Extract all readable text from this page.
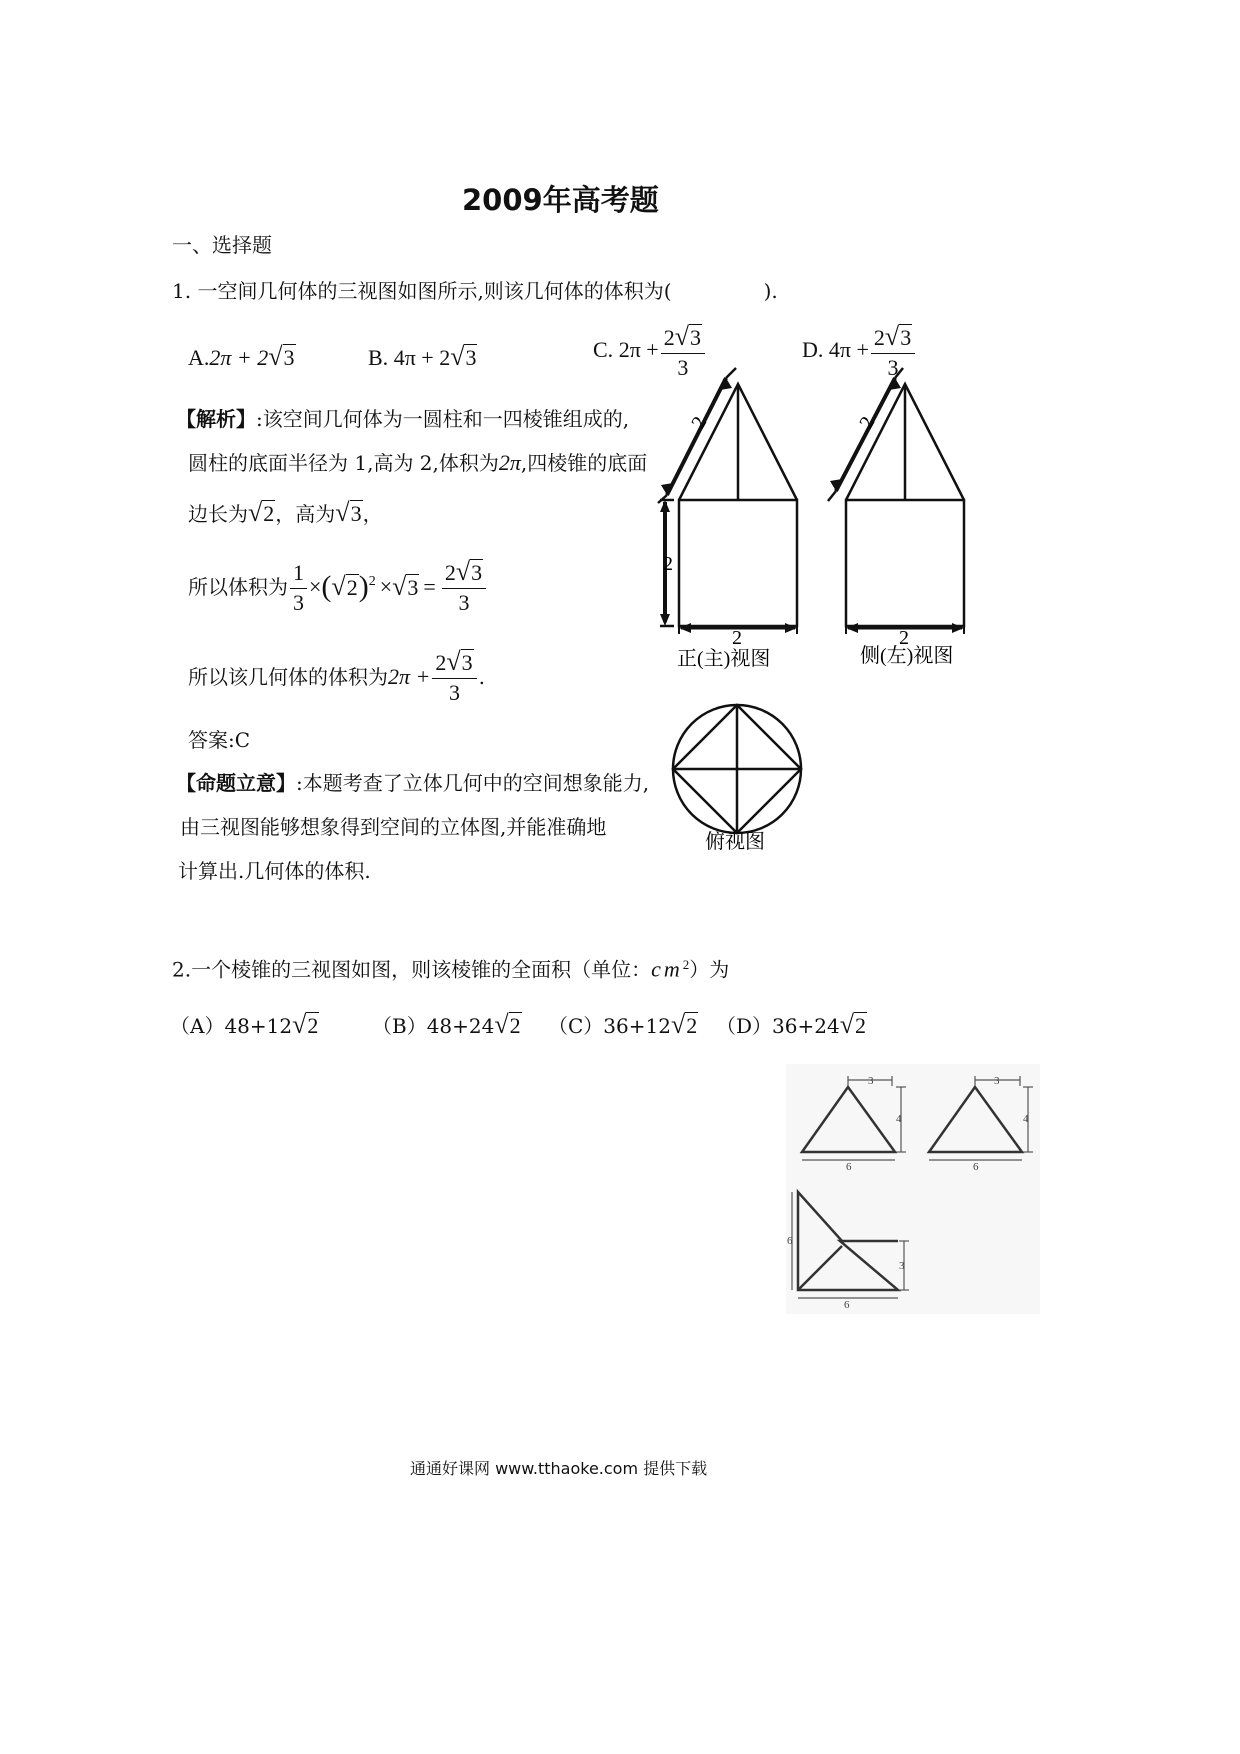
2009年高考题
一、选择题
1. 一空间几何体的三视图如图所示,则该几何体的体积为(	).
A.2π + 2√3	B. 4π + 2√3	C. $2\pi + \frac{2√3}{3}$	D. $4\pi + \frac{2√3}{3}$
【解析】:该空间几何体为一圆柱和一四棱锥组成的,
圆柱的底面半径为 1,高为 2,体积为2π,四棱锥的底面
边长为√2，高为√3，
所以体积为 $\frac{1}{3} \times(√2)^2 \times√3 = \frac{2√3}{3}$
所以该几何体的体积为$2\pi + \frac{2√3}{3}$ .
答案:C
【命题立意】:本题考查了立体几何中的空间想象能力,
由三视图能够想象得到空间的立体图,并能准确地
计算出.几何体的体积.
2	2
2
2	2
正(主)视图	侧(左)视图
俯视图
2.一个棱锥的三视图如图，则该棱锥的全面积（单位：$cm^2$）为
（A）48+12√2	（B）48+24√2 （C）36+12√2 （D）36+24√2
3
4
6
3
4
6
6
3
6
通通好课网 www.tthaoke.com 提供下载
